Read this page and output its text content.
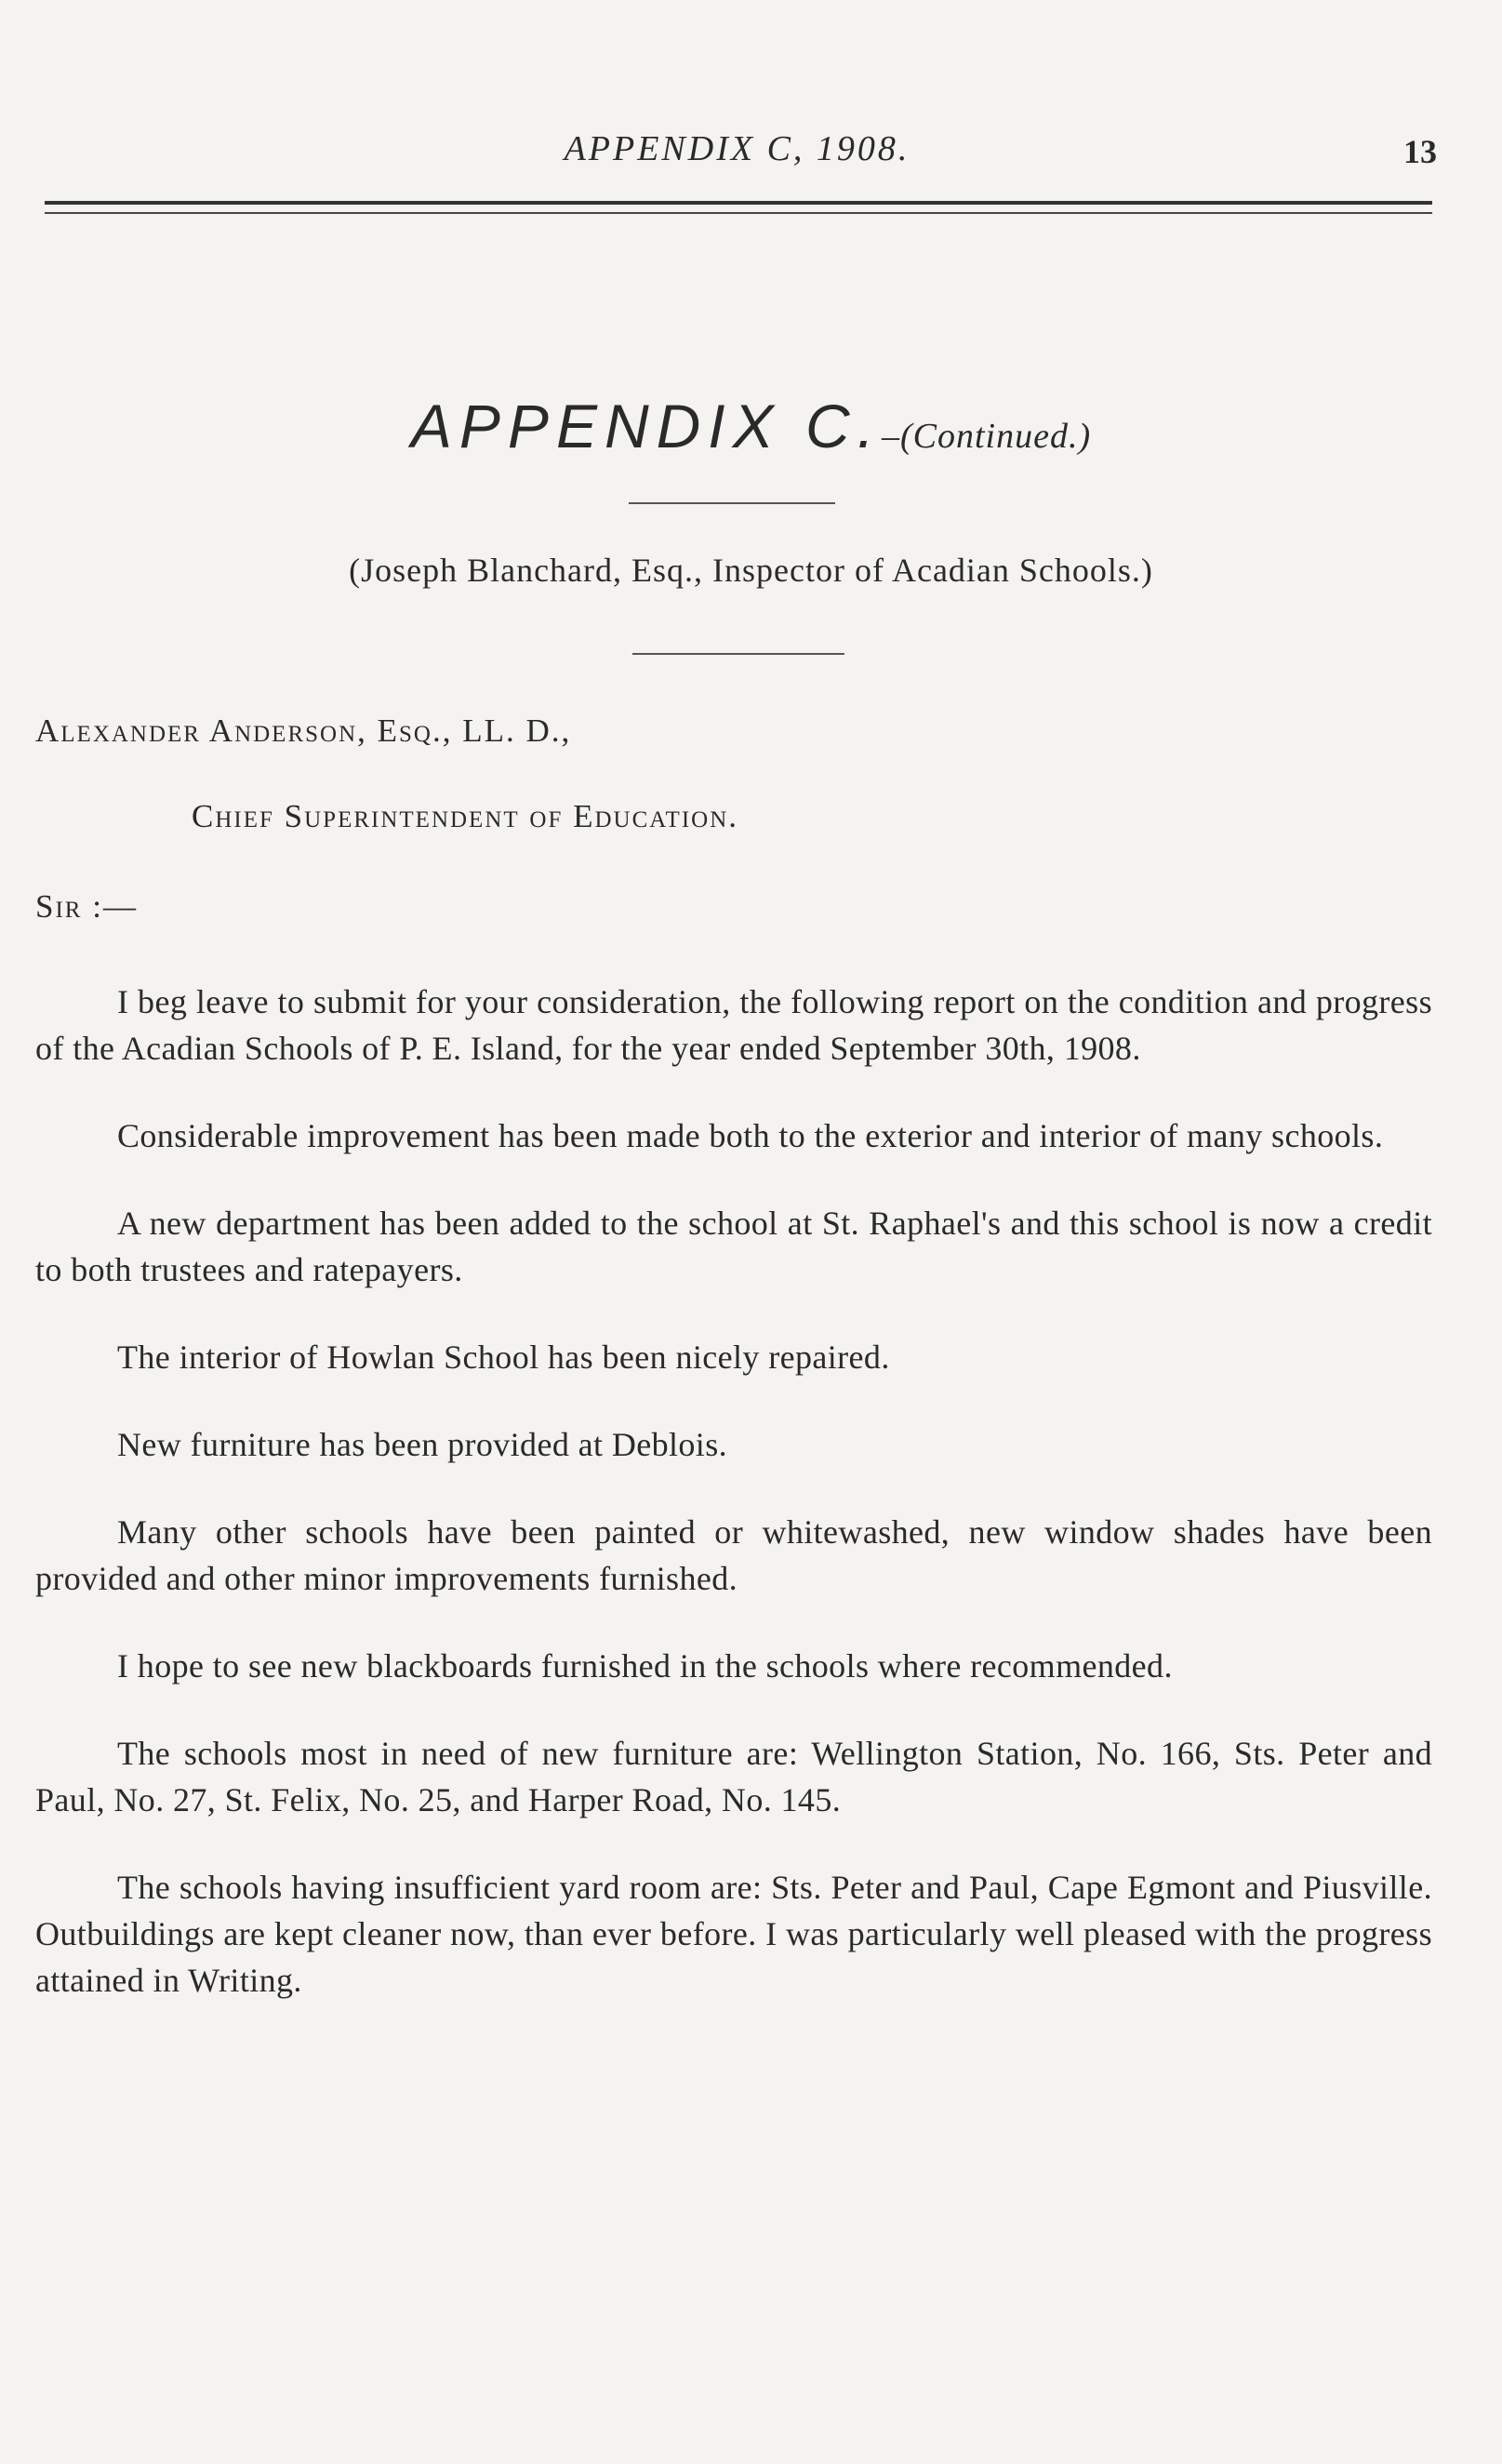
APPENDIX C, 1908.	13
APPENDIX C.–(Continued.)
(Joseph Blanchard, Esq., Inspector of Acadian Schools.)
Alexander Anderson, Esq., LL. D.,
Chief Superintendent of Education.
Sir :—

I beg leave to submit for your consideration, the following report on the condition and progress of the Acadian Schools of P. E. Island, for the year ended September 30th, 1908.

Considerable improvement has been made both to the exterior and interior of many schools.

A new department has been added to the school at St. Raphael's and this school is now a credit to both trustees and ratepayers.

The interior of Howlan School has been nicely repaired.

New furniture has been provided at Deblois.

Many other schools have been painted or whitewashed, new window shades have been provided and other minor improvements furnished.

I hope to see new blackboards furnished in the schools where recommended.

The schools most in need of new furniture are: Wellington Station, No. 166, Sts. Peter and Paul, No. 27, St. Felix, No. 25, and Harper Road, No. 145.

The schools having insufficient yard room are: Sts. Peter and Paul, Cape Egmont and Piusville. Outbuildings are kept cleaner now, than ever before. I was particularly well pleased with the progress attained in Writing.
